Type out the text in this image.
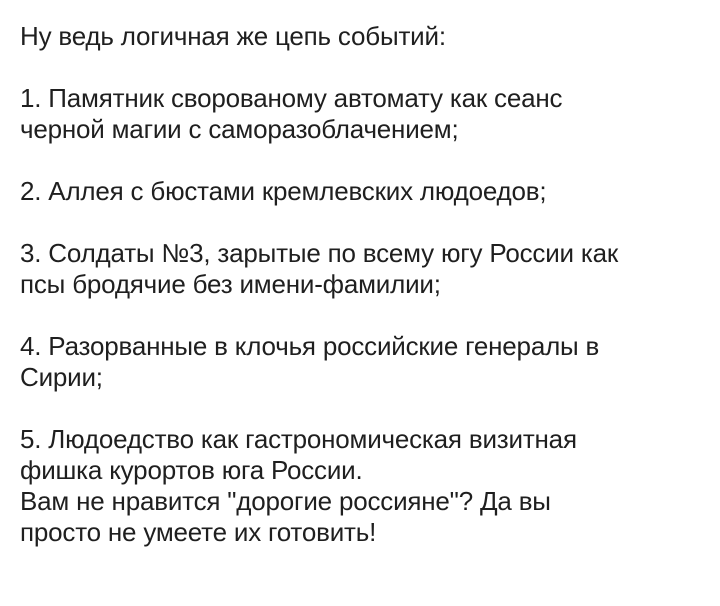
Ну ведь логичная же цепь событий:
1. Памятник сворованому автомату как сеанс
черной магии с саморазоблачением;
2. Аллея с бюстами кремлевских людоедов;
3. Солдаты №3, зарытые по всему югу России как
псы бродячие без имени-фамилии;
4. Разорванные в клочья российские генералы в
Сирии;
5. Людоедство как гастрономическая визитная
фишка курортов юга России.
Вам не нравится "дорогие россияне"? Да вы
просто не умеете их готовить!
